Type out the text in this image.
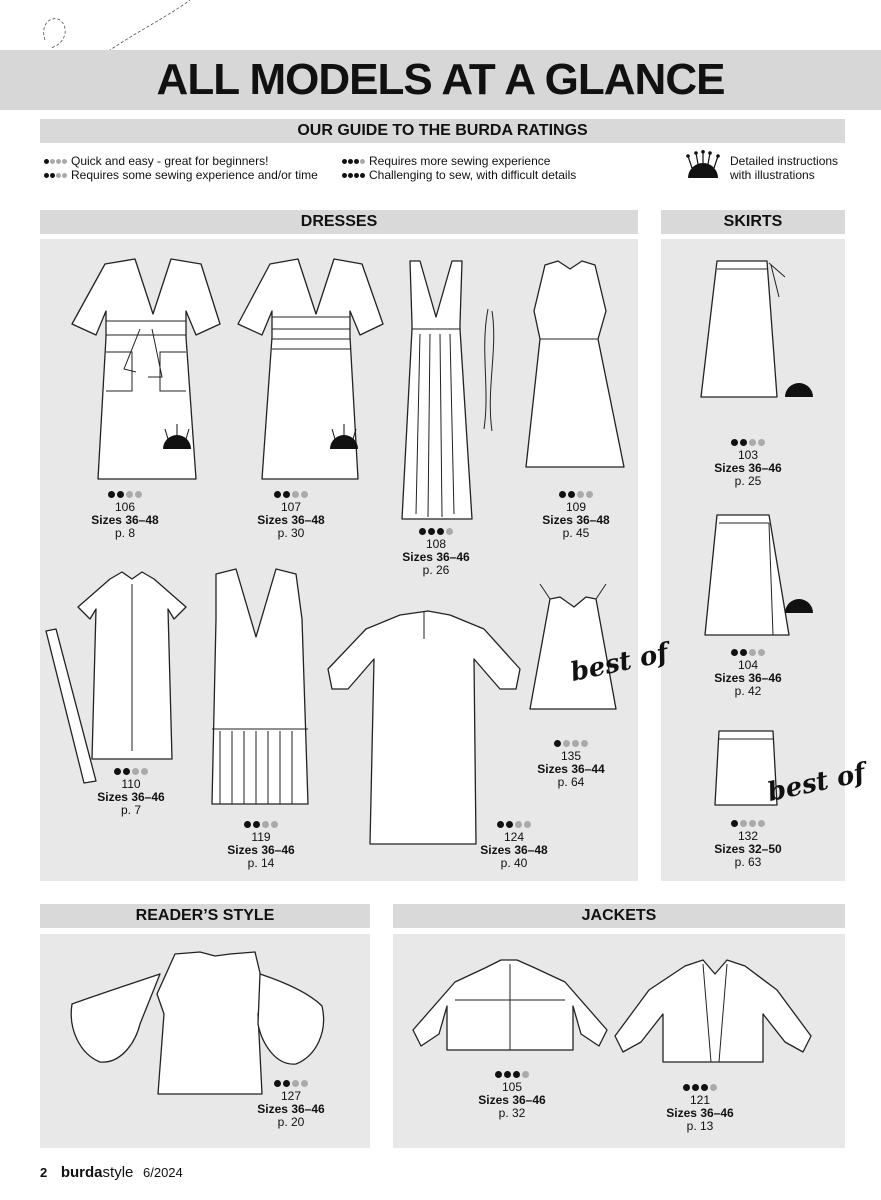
ALL MODELS AT A GLANCE
OUR GUIDE TO THE BURDA RATINGS
Quick and easy - great for beginners!
Requires some sewing experience and/or time
Requires more sewing experience
Challenging to sew, with difficult details
Detailed instructions
with illustrations
DRESSES	SKIRTS
best of
best of
106
Sizes 36–48
p. 8
107
Sizes 36–48
p. 30
108
Sizes 36–46
p. 26
109
Sizes 36–48
p. 45
110
Sizes 36–46
p. 7
119
Sizes 36–46
p. 14
124
Sizes 36–48
p. 40
135
Sizes 36–44
p. 64
103
Sizes 36–46
p. 25
104
Sizes 36–46
p. 42
132
Sizes 32–50
p. 63
READER’S STYLE	JACKETS
127
Sizes 36–46
p. 20
105
Sizes 36–46
p. 32
121
Sizes 36–46
p. 13
2 burdastyle 6/2024
